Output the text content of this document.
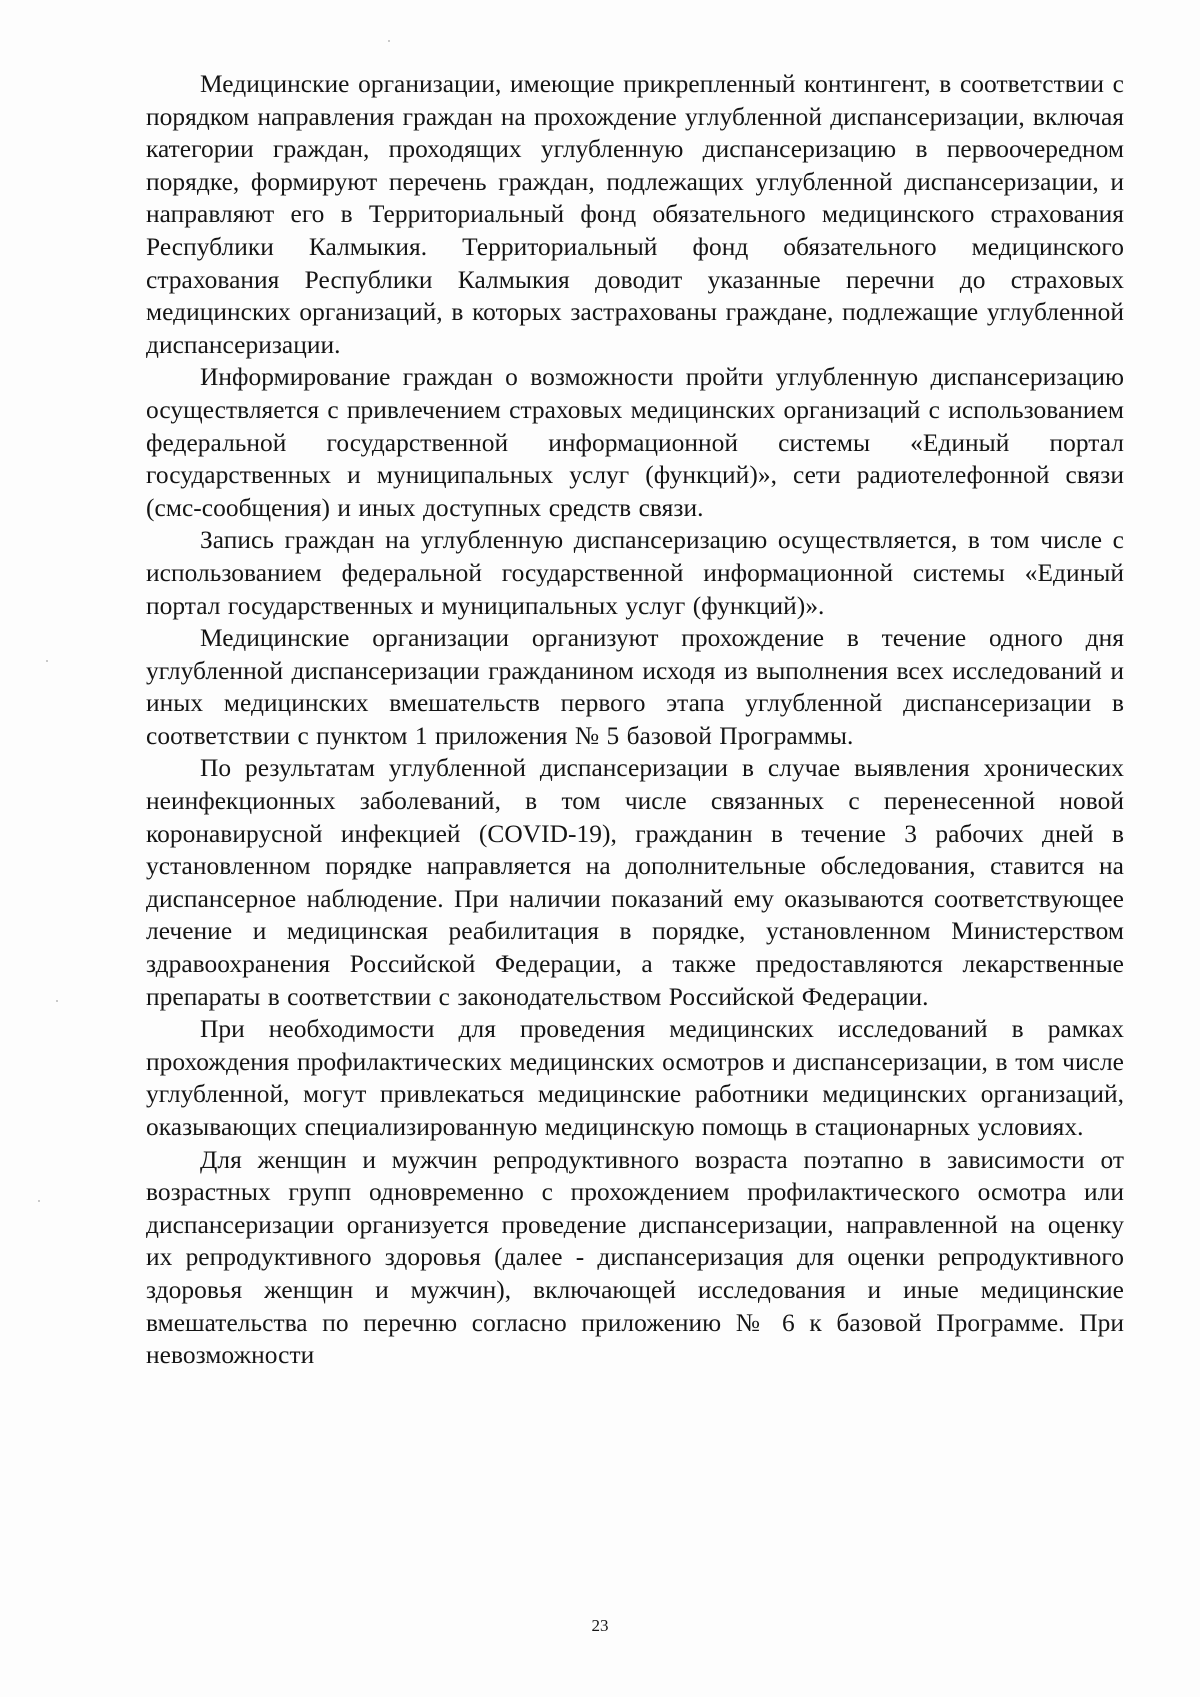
Медицинские организации, имеющие прикрепленный контингент, в соответствии с порядком направления граждан на прохождение углубленной диспансеризации, включая категории граждан, проходящих углубленную диспансеризацию в первоочередном порядке, формируют перечень граждан, подлежащих углубленной диспансеризации, и направляют его в Территориальный фонд обязательного медицинского страхования Республики Калмыкия. Территориальный фонд обязательного медицинского страхования Республики Калмыкия доводит указанные перечни до страховых медицинских организаций, в которых застрахованы граждане, подлежащие углубленной диспансеризации.

Информирование граждан о возможности пройти углубленную диспансеризацию осуществляется с привлечением страховых медицинских организаций с использованием федеральной государственной информационной системы «Единый портал государственных и муниципальных услуг (функций)», сети радиотелефонной связи (смс-сообщения) и иных доступных средств связи.

Запись граждан на углубленную диспансеризацию осуществляется, в том числе с использованием федеральной государственной информационной системы «Единый портал государственных и муниципальных услуг (функций)».

Медицинские организации организуют прохождение в течение одного дня углубленной диспансеризации гражданином исходя из выполнения всех исследований и иных медицинских вмешательств первого этапа углубленной диспансеризации в соответствии с пунктом 1 приложения № 5 базовой Программы.

По результатам углубленной диспансеризации в случае выявления хронических неинфекционных заболеваний, в том числе связанных с перенесенной новой коронавирусной инфекцией (COVID-19), гражданин в течение 3 рабочих дней в установленном порядке направляется на дополнительные обследования, ставится на диспансерное наблюдение. При наличии показаний ему оказываются соответствующее лечение и медицинская реабилитация в порядке, установленном Министерством здравоохранения Российской Федерации, а также предоставляются лекарственные препараты в соответствии с законодательством Российской Федерации.

При необходимости для проведения медицинских исследований в рамках прохождения профилактических медицинских осмотров и диспансеризации, в том числе углубленной, могут привлекаться медицинские работники медицинских организаций, оказывающих специализированную медицинскую помощь в стационарных условиях.

Для женщин и мужчин репродуктивного возраста поэтапно в зависимости от возрастных групп одновременно с прохождением профилактического осмотра или диспансеризации организуется проведение диспансеризации, направленной на оценку их репродуктивного здоровья (далее - диспансеризация для оценки репродуктивного здоровья женщин и мужчин), включающей исследования и иные медицинские вмешательства по перечню согласно приложению № 6 к базовой Программе. При невозможности

23
